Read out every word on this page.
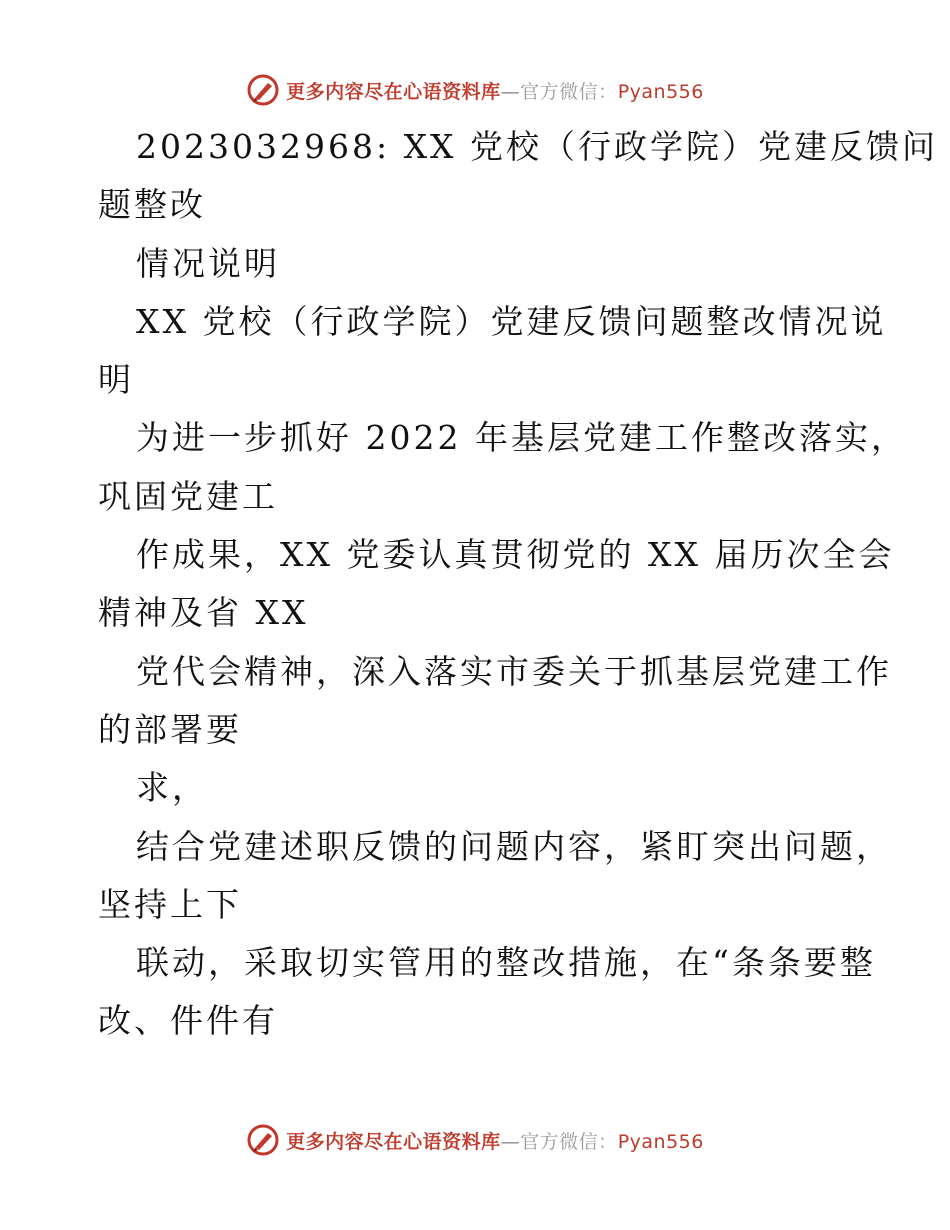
更多内容尽在心语资料库—官方微信：Pyan556
2023032968: XX 党校（行政学院）党建反馈问
题整改
情况说明
XX 党校（行政学院）党建反馈问题整改情况说
明
为进一步抓好 2022 年基层党建工作整改落实，
巩固党建工
作成果，XX 党委认真贯彻党的 XX 届历次全会
精神及省 XX
党代会精神，深入落实市委关于抓基层党建工作
的部署要
求，
结合党建述职反馈的问题内容，紧盯突出问题，
坚持上下
联动，采取切实管用的整改措施，在“条条要整
改、件件有
更多内容尽在心语资料库—官方微信：Pyan556
